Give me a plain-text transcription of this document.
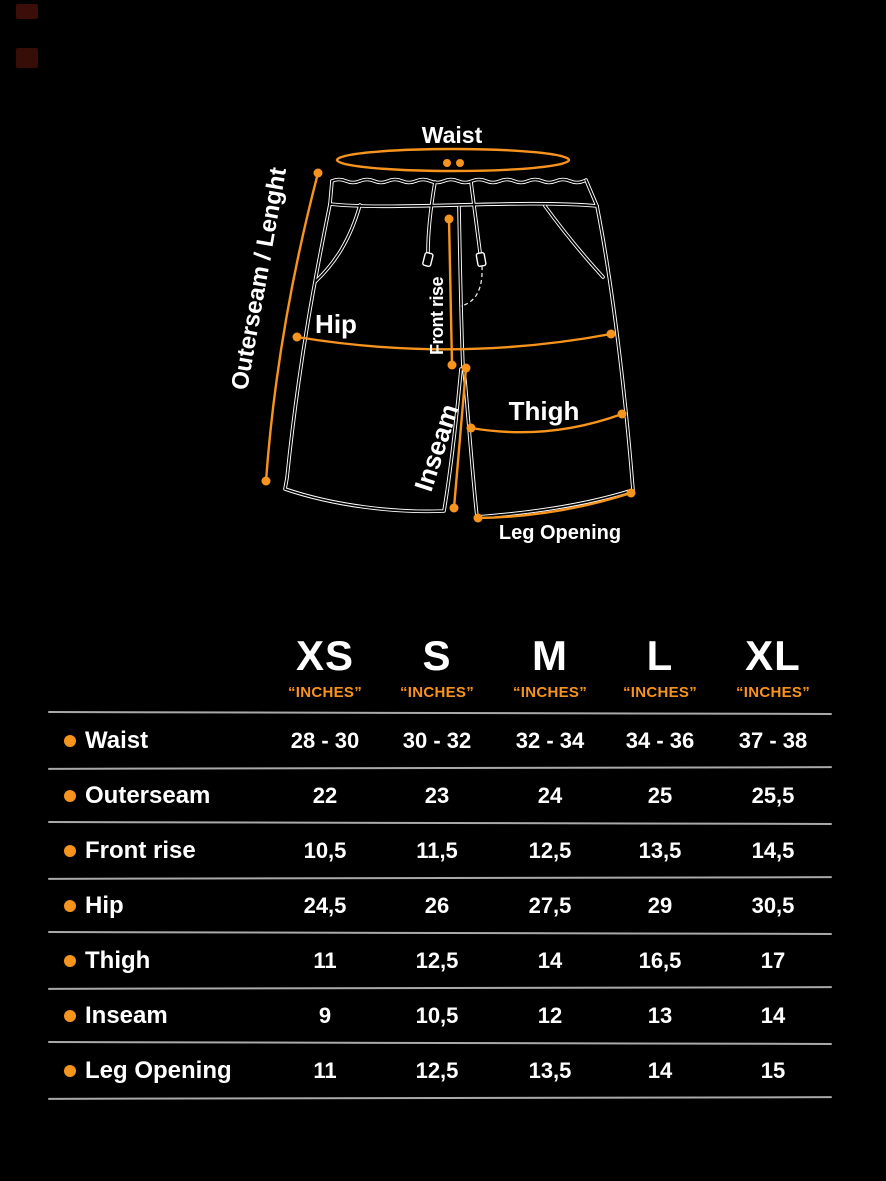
Waist
Outerseam / Lenght Hip	Front rise
Inseam Thigh
Leg Opening
XS
“INCHES”
S
“INCHES”
M
“INCHES”
L
“INCHES”
XL
“INCHES”
Waist	28 - 30	30 - 32	32 - 34	34 - 36	37 - 38
Outerseam	22	23	24	25	25,5
Front rise	10,5	11,5	12,5	13,5	14,5
Hip	24,5	26	27,5	29	30,5
Thigh	11	12,5	14	16,5	17
Inseam	9	10,5	12	13	14
Leg Opening	11	12,5	13,5	14	15
